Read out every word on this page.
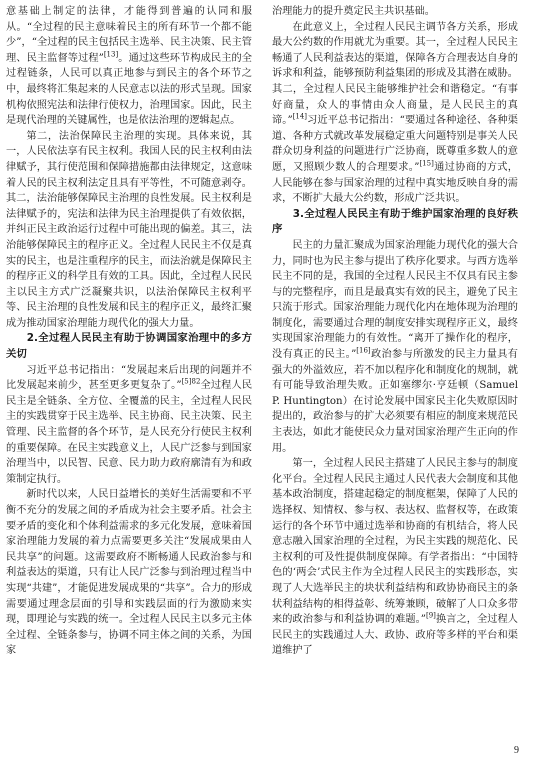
意基础上制定的法律，才能得到普遍的认同和服从。“全过程的民主意味着民主的所有环节一个都不能少”，“全过程的民主包括民主选举、民主决策、民主管理、民主监督等过程”[13]。通过这些环节构成民主的全过程链条，人民可以真正地参与到民主的各个环节之中，最终将汇集起来的人民意志以法的形式呈现。国家机构依照宪法和法律行使权力，治理国家。因此，民主是现代治理的关键属性，也是依法治理的逻辑起点。

第二，法治保障民主治理的实现。具体来说，其一，人民依法享有民主权利。我国人民的民主权利由法律赋予，其行使范围和保障措施都由法律规定，这意味着人民的民主权利法定且具有平等性，不可随意剥夺。其二，法治能够保障民主治理的良性发展。民主权利是法律赋予的，宪法和法律为民主治理提供了有效依据，并纠正民主政治运行过程中可能出现的偏差。其三，法治能够保障民主的程序正义。全过程人民民主不仅是真实的民主，也是注重程序的民主，而法治就是保障民主的程序正义的科学且有效的工具。因此，全过程人民民主以民主方式广泛凝聚共识，以法治保障民主权利平等、民主治理的良性发展和民主的程序正义，最终汇聚成为推动国家治理能力现代化的强大力量。

2.全过程人民民主有助于协调国家治理中的多方关切

习近平总书记指出：“发展起来后出现的问题并不比发展起来前少，甚至更多更复杂了。”$^{[5]82}$全过程人民民主是全链条、全方位、全覆盖的民主，全过程人民民主的实践贯穿于民主选举、民主协商、民主决策、民主管理、民主监督的各个环节，是人民充分行使民主权利的重要保障。在民主实践意义上，人民广泛参与到国家治理当中，以民智、民意、民力助力政府廓清有为和政策制定执行。

新时代以来，人民日益增长的美好生活需要和不平衡不充分的发展之间的矛盾成为社会主要矛盾。社会主要矛盾的变化和个体利益需求的多元化发展，意味着国家治理能力发展的着力点需要更多关注“发展成果由人民共享”的问题。这需要政府不断畅通人民政治参与和利益表达的渠道，只有让人民广泛参与到治理过程当中实现“共建”，才能促进发展成果的“共享”。合力的形成需要通过理念层面的引导和实践层面的行为激励来实现，即理论与实践的统一。全过程人民民主以多元主体全过程、全链条参与，协调不同主体之间的关系，为国家

治理能力的提升奠定民主共识基础。

在此意义上，全过程人民民主调节各方关系，形成最大公约数的作用就尤为重要。其一，全过程人民民主畅通了人民利益表达的渠道，保障各方合理表达自身的诉求和利益，能够预防利益集团的形成及其潜在威胁。其二，全过程人民民主能够维护社会和谐稳定。“有事好商量，众人的事情由众人商量，是人民民主的真谛。”[14]习近平总书记指出：“要通过各种途径、各种渠道、各种方式就改革发展稳定重大问题特别是事关人民群众切身利益的问题进行广泛协商，既尊重多数人的意愿，又照顾少数人的合理要求。”[15]通过协商的方式，人民能够在参与国家治理的过程中真实地反映自身的需求，不断扩大最大公约数，形成广泛共识。

3.全过程人民民主有助于维护国家治理的良好秩序

民主的力量汇聚成为国家治理能力现代化的强大合力，同时也为民主参与提出了秩序化要求。与西方选举民主不同的是，我国的全过程人民民主不仅具有民主参与的完整程序，而且是最真实有效的民主，避免了民主只流于形式。国家治理能力现代化内在地体现为治理的制度化，需要通过合理的制度安排实现程序正义，最终实现国家治理能力的有效性。“离开了操作化的程序，没有真正的民主。”[16]政治参与所激发的民主力量具有强大的外溢效应，若不加以程序化和制度化的规制，就有可能导致治理失败。正如塞缪尔·亨廷顿（Samuel P. Huntington）在讨论发展中国家民主化失败原因时提出的，政治参与的扩大必须要有相应的制度来规范民主表达，如此才能使民众力量对国家治理产生正向的作用。

第一，全过程人民民主搭建了人民民主参与的制度化平台。全过程人民民主通过人民代表大会制度和其他基本政治制度，搭建起稳定的制度框架，保障了人民的选择权、知情权、参与权、表达权、监督权等，在政策运行的各个环节中通过选举和协商的有机结合，将人民意志融入国家治理的全过程，为民主实践的规范化、民主权利的可及性提供制度保障。有学者指出：“中国特色的‘两会’式民主作为全过程人民民主的实践形态，实现了人大选举民主的块状利益结构和政协协商民主的条状利益结构的相得益彰、统筹兼顾，破解了人口众多带来的政治参与和利益协调的难题。”[9]换言之，全过程人民民主的实践通过人大、政协、政府等多样的平台和渠道维护了

9
